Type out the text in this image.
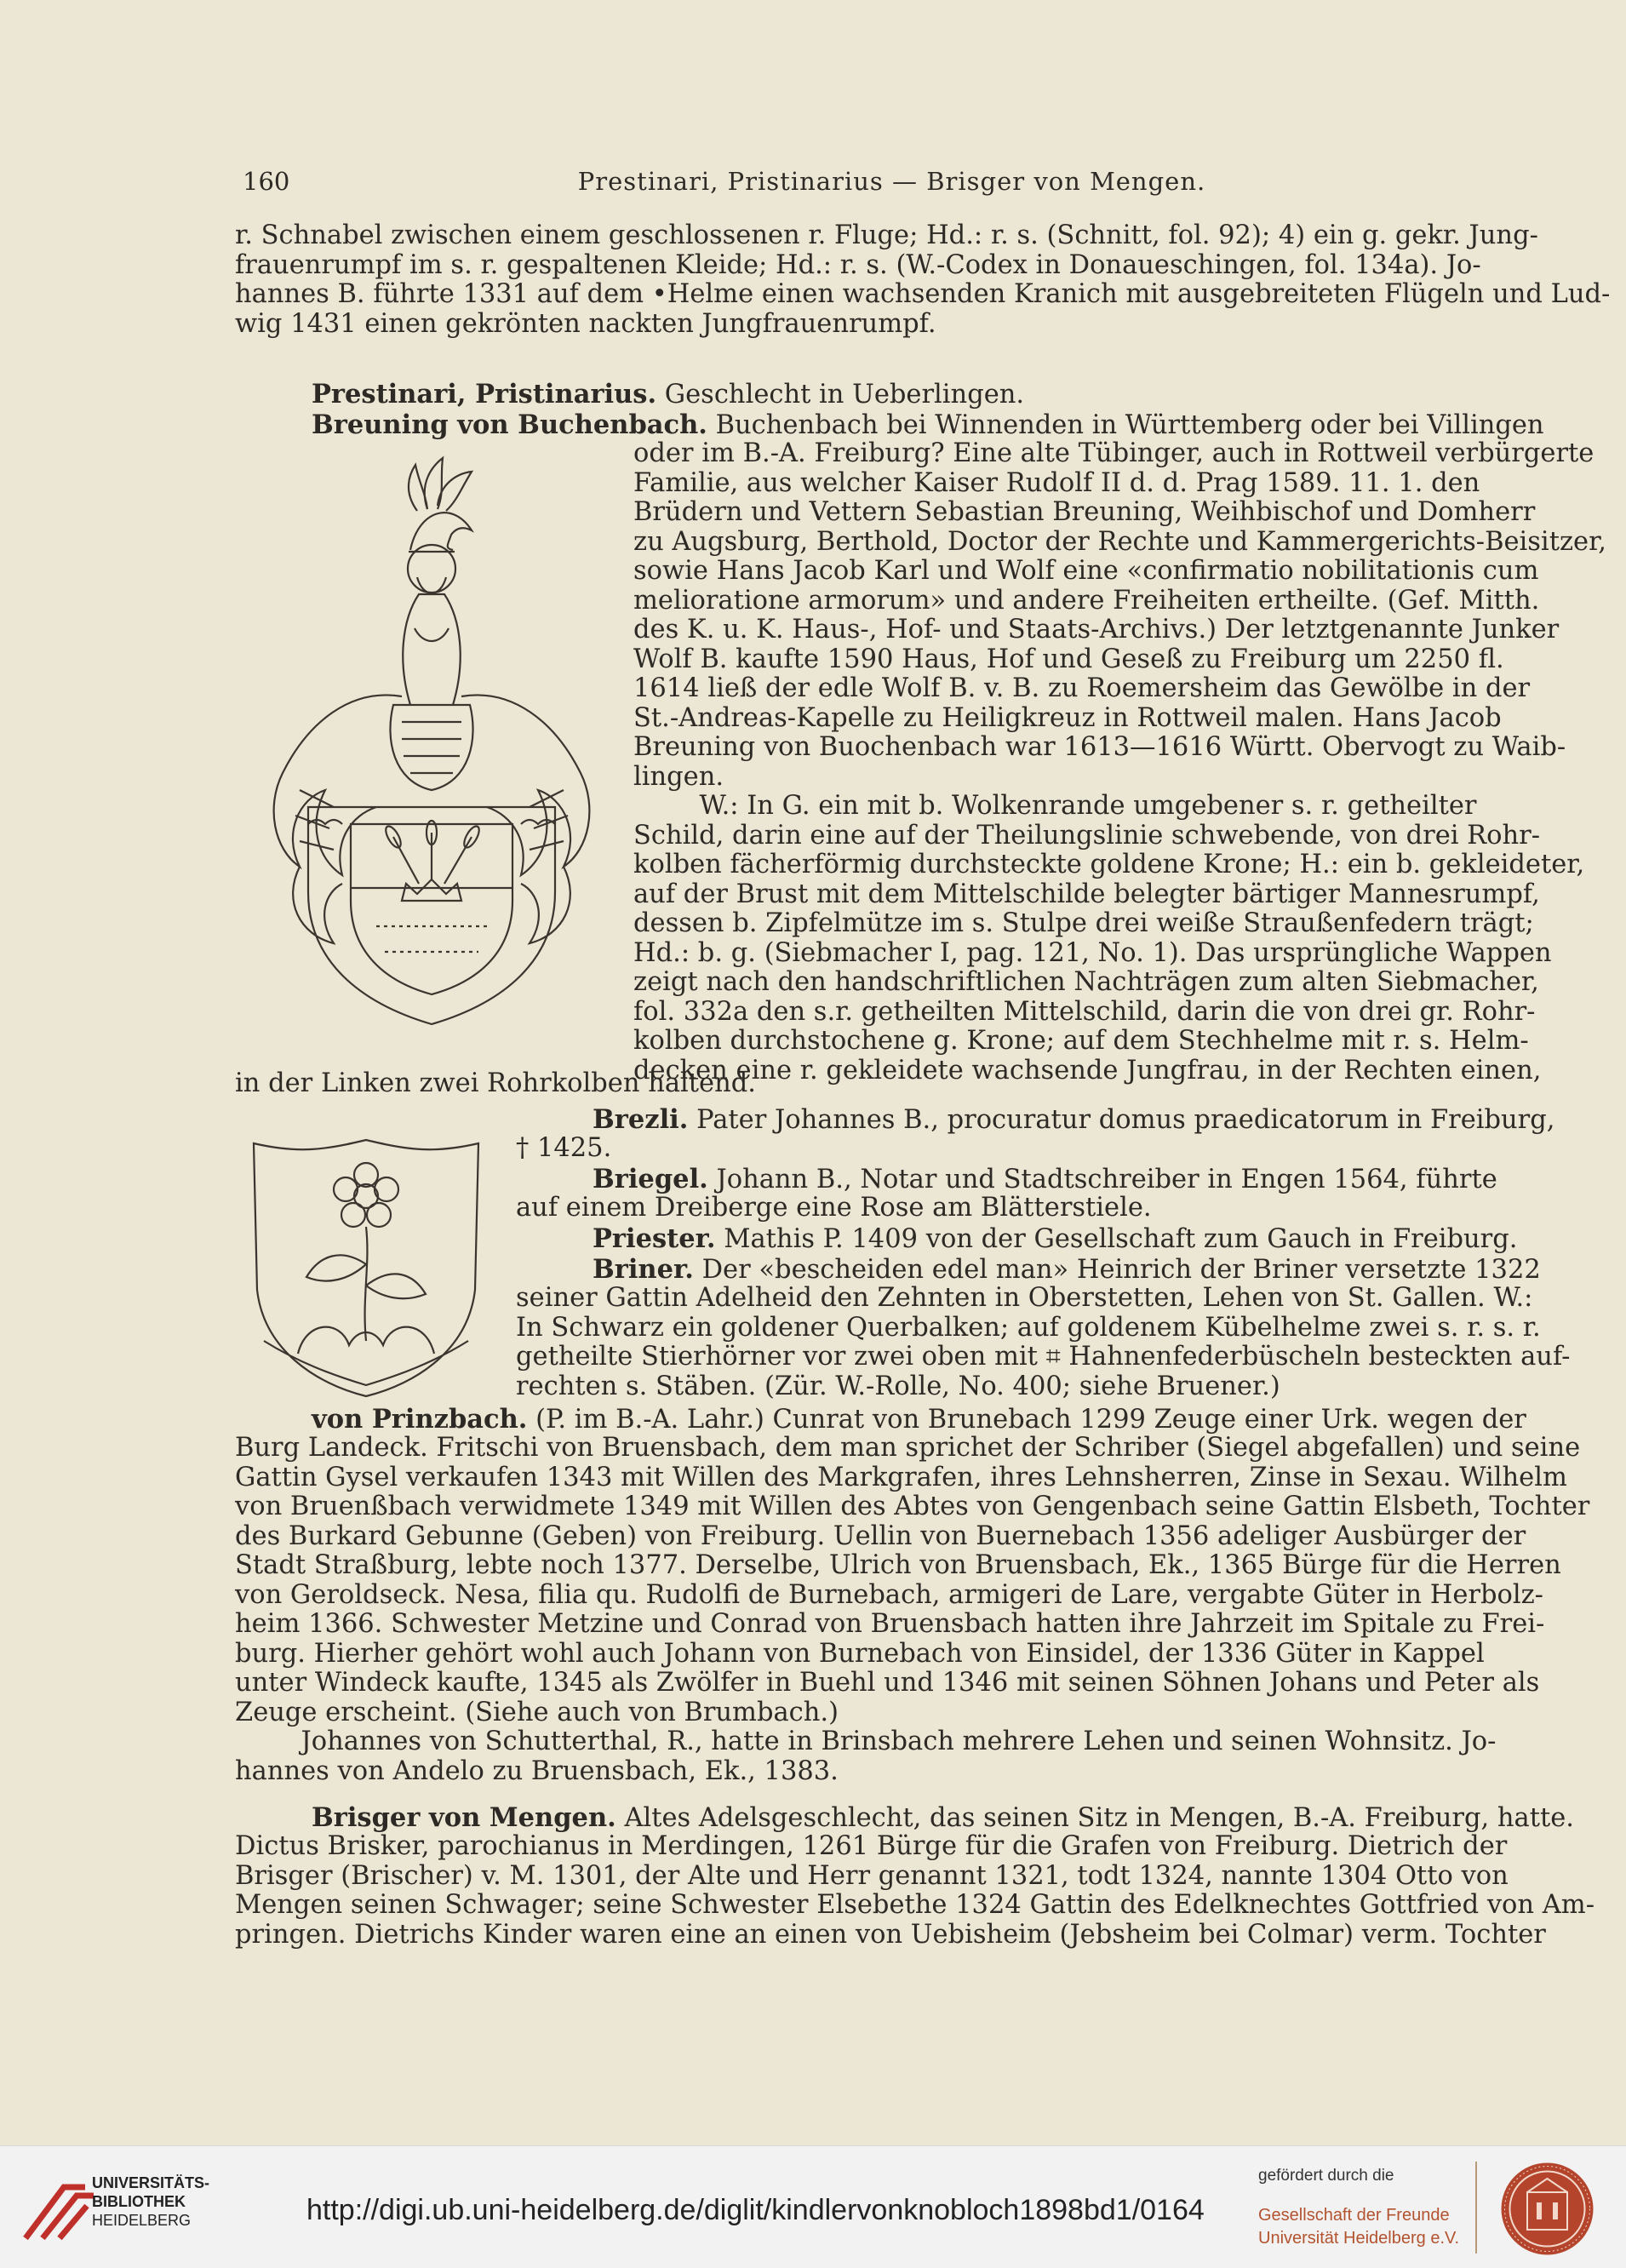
160	Prestinari, Pristinarius — Brisger von Mengen.
r. Schnabel zwischen einem geschlossenen r. Fluge; Hd.: r. s. (Schnitt, fol. 92); 4) ein g. gekr. Jung-
frauenrumpf im s. r. gespaltenen Kleide; Hd.: r. s. (W.-Codex in Donaueschingen, fol. 134a). Jo-
hannes B. führte 1331 auf dem •Helme einen wachsenden Kranich mit ausgebreiteten Flügeln und Lud-
wig 1431 einen gekrönten nackten Jungfrauenrumpf.
Prestinari, Pristinarius. Geschlecht in Ueberlingen.
Breuning von Buchenbach. Buchenbach bei Winnenden in Württemberg oder bei Villingen
oder im B.-A. Freiburg? Eine alte Tübinger, auch in Rottweil verbürgerte
Familie, aus welcher Kaiser Rudolf II d. d. Prag 1589. 11. 1. den
Brüdern und Vettern Sebastian Breuning, Weihbischof und Domherr
zu Augsburg, Berthold, Doctor der Rechte und Kammergerichts-Beisitzer,
sowie Hans Jacob Karl und Wolf eine «confirmatio nobilitationis cum
melioratione armorum» und andere Freiheiten ertheilte. (Gef. Mitth.
des K. u. K. Haus-, Hof- und Staats-Archivs.) Der letztgenannte Junker
Wolf B. kaufte 1590 Haus, Hof und Geseß zu Freiburg um 2250 fl.
1614 ließ der edle Wolf B. v. B. zu Roemersheim das Gewölbe in der
St.-Andreas-Kapelle zu Heiligkreuz in Rottweil malen. Hans Jacob
Breuning von Buochenbach war 1613—1616 Württ. Obervogt zu Waib-
lingen.
W.: In G. ein mit b. Wolkenrande umgebener s. r. getheilter
Schild, darin eine auf der Theilungslinie schwebende, von drei Rohr-
kolben fächerförmig durchsteckte goldene Krone; H.: ein b. gekleideter,
auf der Brust mit dem Mittelschilde belegter bärtiger Mannesrumpf,
dessen b. Zipfelmütze im s. Stulpe drei weiße Straußenfedern trägt;
Hd.: b. g. (Siebmacher I, pag. 121, No. 1). Das ursprüngliche Wappen
zeigt nach den handschriftlichen Nachträgen zum alten Siebmacher,
fol. 332a den s.r. getheilten Mittelschild, darin die von drei gr. Rohr-
kolben durchstochene g. Krone; auf dem Stechhelme mit r. s. Helm-
decken eine r. gekleidete wachsende Jungfrau, in der Rechten einen,
in der Linken zwei Rohrkolben haltend.
Brezli. Pater Johannes B., procuratur domus praedicatorum in Freiburg,
† 1425.
Briegel. Johann B., Notar und Stadtschreiber in Engen 1564, führte
auf einem Dreiberge eine Rose am Blätterstiele.
Priester. Mathis P. 1409 von der Gesellschaft zum Gauch in Freiburg.
Briner. Der «bescheiden edel man» Heinrich der Briner versetzte 1322
seiner Gattin Adelheid den Zehnten in Oberstetten, Lehen von St. Gallen. W.:
In Schwarz ein goldener Querbalken; auf goldenem Kübelhelme zwei s. r. s. r.
getheilte Stierhörner vor zwei oben mit ⌗ Hahnenfederbüscheln besteckten auf-
rechten s. Stäben. (Zür. W.-Rolle, No. 400; siehe Bruener.)
von Prinzbach. (P. im B.-A. Lahr.) Cunrat von Brunebach 1299 Zeuge einer Urk. wegen der
Burg Landeck. Fritschi von Bruensbach, dem man sprichet der Schriber (Siegel abgefallen) und seine
Gattin Gysel verkaufen 1343 mit Willen des Markgrafen, ihres Lehnsherren, Zinse in Sexau. Wilhelm
von Bruenßbach verwidmete 1349 mit Willen des Abtes von Gengenbach seine Gattin Elsbeth, Tochter
des Burkard Gebunne (Geben) von Freiburg. Uellin von Buernebach 1356 adeliger Ausbürger der
Stadt Straßburg, lebte noch 1377. Derselbe, Ulrich von Bruensbach, Ek., 1365 Bürge für die Herren
von Geroldseck. Nesa, filia qu. Rudolfi de Burnebach, armigeri de Lare, vergabte Güter in Herbolz-
heim 1366. Schwester Metzine und Conrad von Bruensbach hatten ihre Jahrzeit im Spitale zu Frei-
burg. Hierher gehört wohl auch Johann von Burnebach von Einsidel, der 1336 Güter in Kappel
unter Windeck kaufte, 1345 als Zwölfer in Buehl und 1346 mit seinen Söhnen Johans und Peter als
Zeuge erscheint. (Siehe auch von Brumbach.)
Johannes von Schutterthal, R., hatte in Brinsbach mehrere Lehen und seinen Wohnsitz. Jo-
hannes von Andelo zu Bruensbach, Ek., 1383.
Brisger von Mengen. Altes Adelsgeschlecht, das seinen Sitz in Mengen, B.-A. Freiburg, hatte.
Dictus Brisker, parochianus in Merdingen, 1261 Bürge für die Grafen von Freiburg. Dietrich der
Brisger (Brischer) v. M. 1301, der Alte und Herr genannt 1321, todt 1324, nannte 1304 Otto von
Mengen seinen Schwager; seine Schwester Elsebethe 1324 Gattin des Edelknechtes Gottfried von Am-
pringen. Dietrichs Kinder waren eine an einen von Uebisheim (Jebsheim bei Colmar) verm. Tochter
UNIVERSITÄTS-
BIBLIOTHEK
HEIDELBERG	http://digi.ub.uni-heidelberg.de/diglit/kindlervonknobloch1898bd1/0164
gefördert durch die
Gesellschaft der Freunde
Universität Heidelberg e.V.
